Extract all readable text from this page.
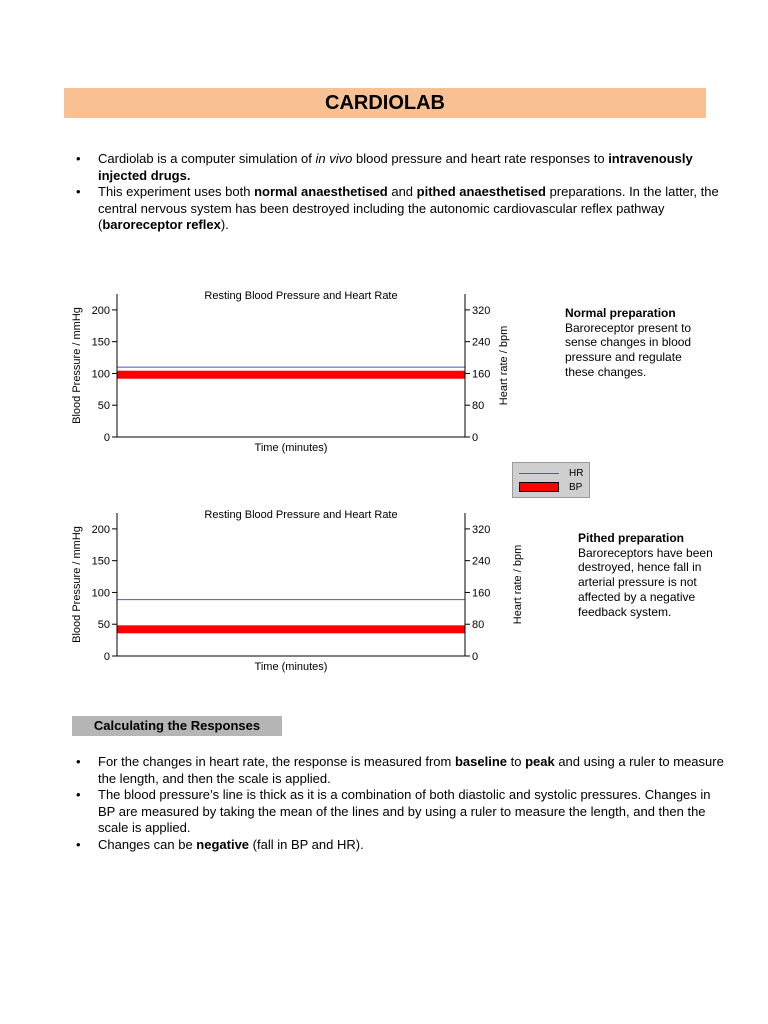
CARDIOLAB
• Cardiolab is a computer simulation of in vivo blood pressure and heart rate responses to intravenously injected drugs.
• This experiment uses both normal anaesthetised and pithed anaesthetised preparations. In the latter, the central nervous system has been destroyed including the autonomic cardiovascular reflex pathway (baroreceptor reflex).
0
50
100
150
200
0
80
160
240
320
Resting Blood Pressure and Heart Rate
Time (minutes)
Blood Pressure / mmHg	Heart rate / bpm
Normal preparation
Baroreceptor present to sense changes in blood pressure and regulate these changes.
HR
BP
0
50
100
150
200
0
80
160
240
320
Resting Blood Pressure and Heart Rate
Time (minutes)
Blood Pressure / mmHg	Heart rate / bpm
Pithed preparation
Baroreceptors have been destroyed, hence fall in arterial pressure is not affected by a negative feedback system.
Calculating the Responses
• For the changes in heart rate, the response is measured from baseline to peak and using a ruler to measure the length, and then the scale is applied.
• The blood pressure’s line is thick as it is a combination of both diastolic and systolic pressures. Changes in BP are measured by taking the mean of the lines and by using a ruler to measure the length, and then the scale is applied.
• Changes can be negative (fall in BP and HR).
